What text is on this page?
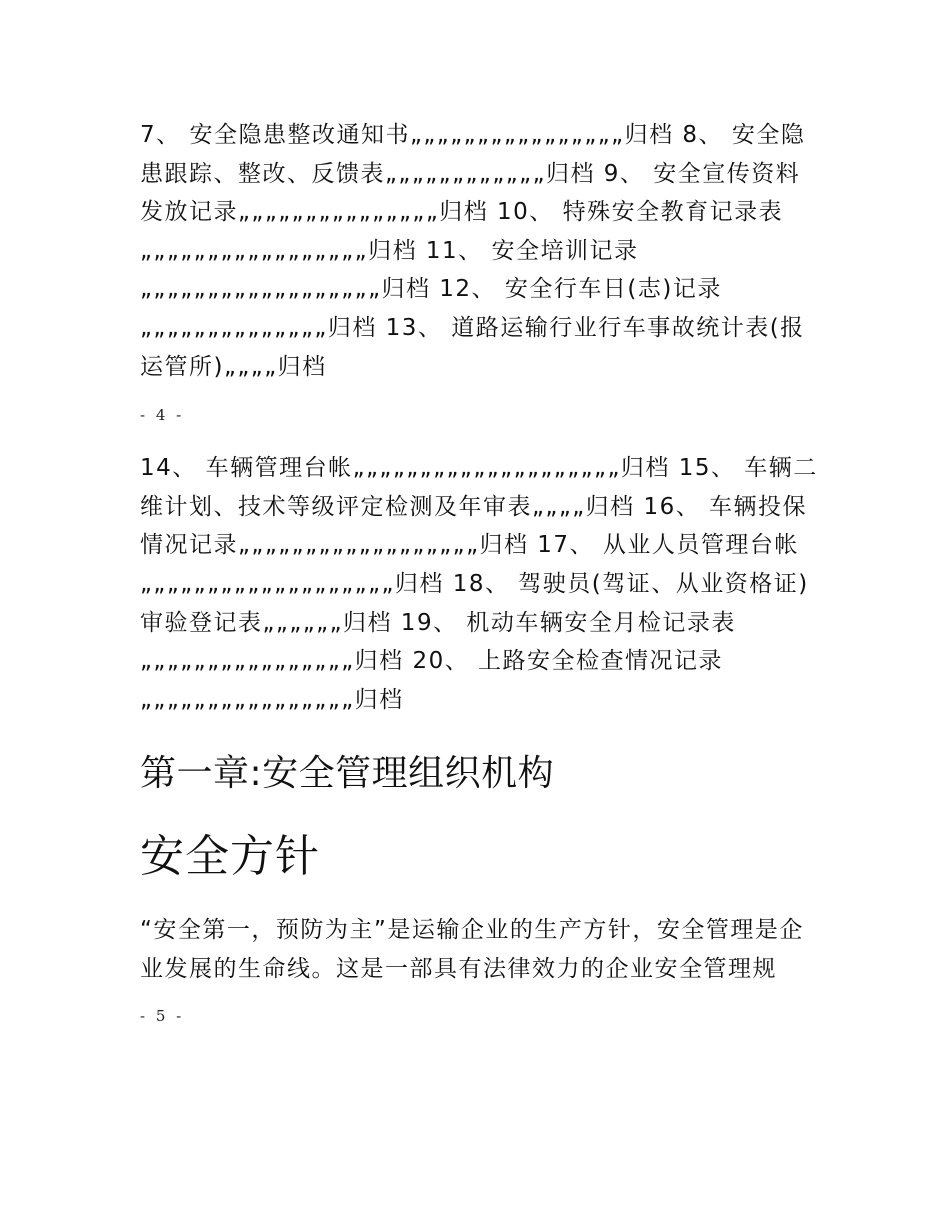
7、 安全隐患整改通知书„„„„„„„„„„„„„„„„归档 8、 安全隐患跟踪、整改、反馈表„„„„„„„„„„„„归档 9、 安全宣传资料发放记录„„„„„„„„„„„„„„„归档 10、 特殊安全教育记录表„„„„„„„„„„„„„„„„„归档 11、 安全培训记录„„„„„„„„„„„„„„„„„„归档 12、 安全行车日(志)记录„„„„„„„„„„„„„„归档 13、 道路运输行业行车事故统计表(报运管所)„„„„归档

- 4 -

14、 车辆管理台帐„„„„„„„„„„„„„„„„„„„„归档 15、 车辆二维计划、技术等级评定检测及年审表„„„„归档 16、 车辆投保情况记录„„„„„„„„„„„„„„„„„„归档 17、 从业人员管理台帐„„„„„„„„„„„„„„„„„„„归档 18、 驾驶员(驾证、从业资格证)审验登记表„„„„„„归档 19、 机动车辆安全月检记录表„„„„„„„„„„„„„„„„归档 20、 上路安全检查情况记录„„„„„„„„„„„„„„„„归档

第一章:安全管理组织机构
安全方针

“安全第一，预防为主”是运输企业的生产方针，安全管理是企业发展的生命线。这是一部具有法律效力的企业安全管理规

- 5 -
